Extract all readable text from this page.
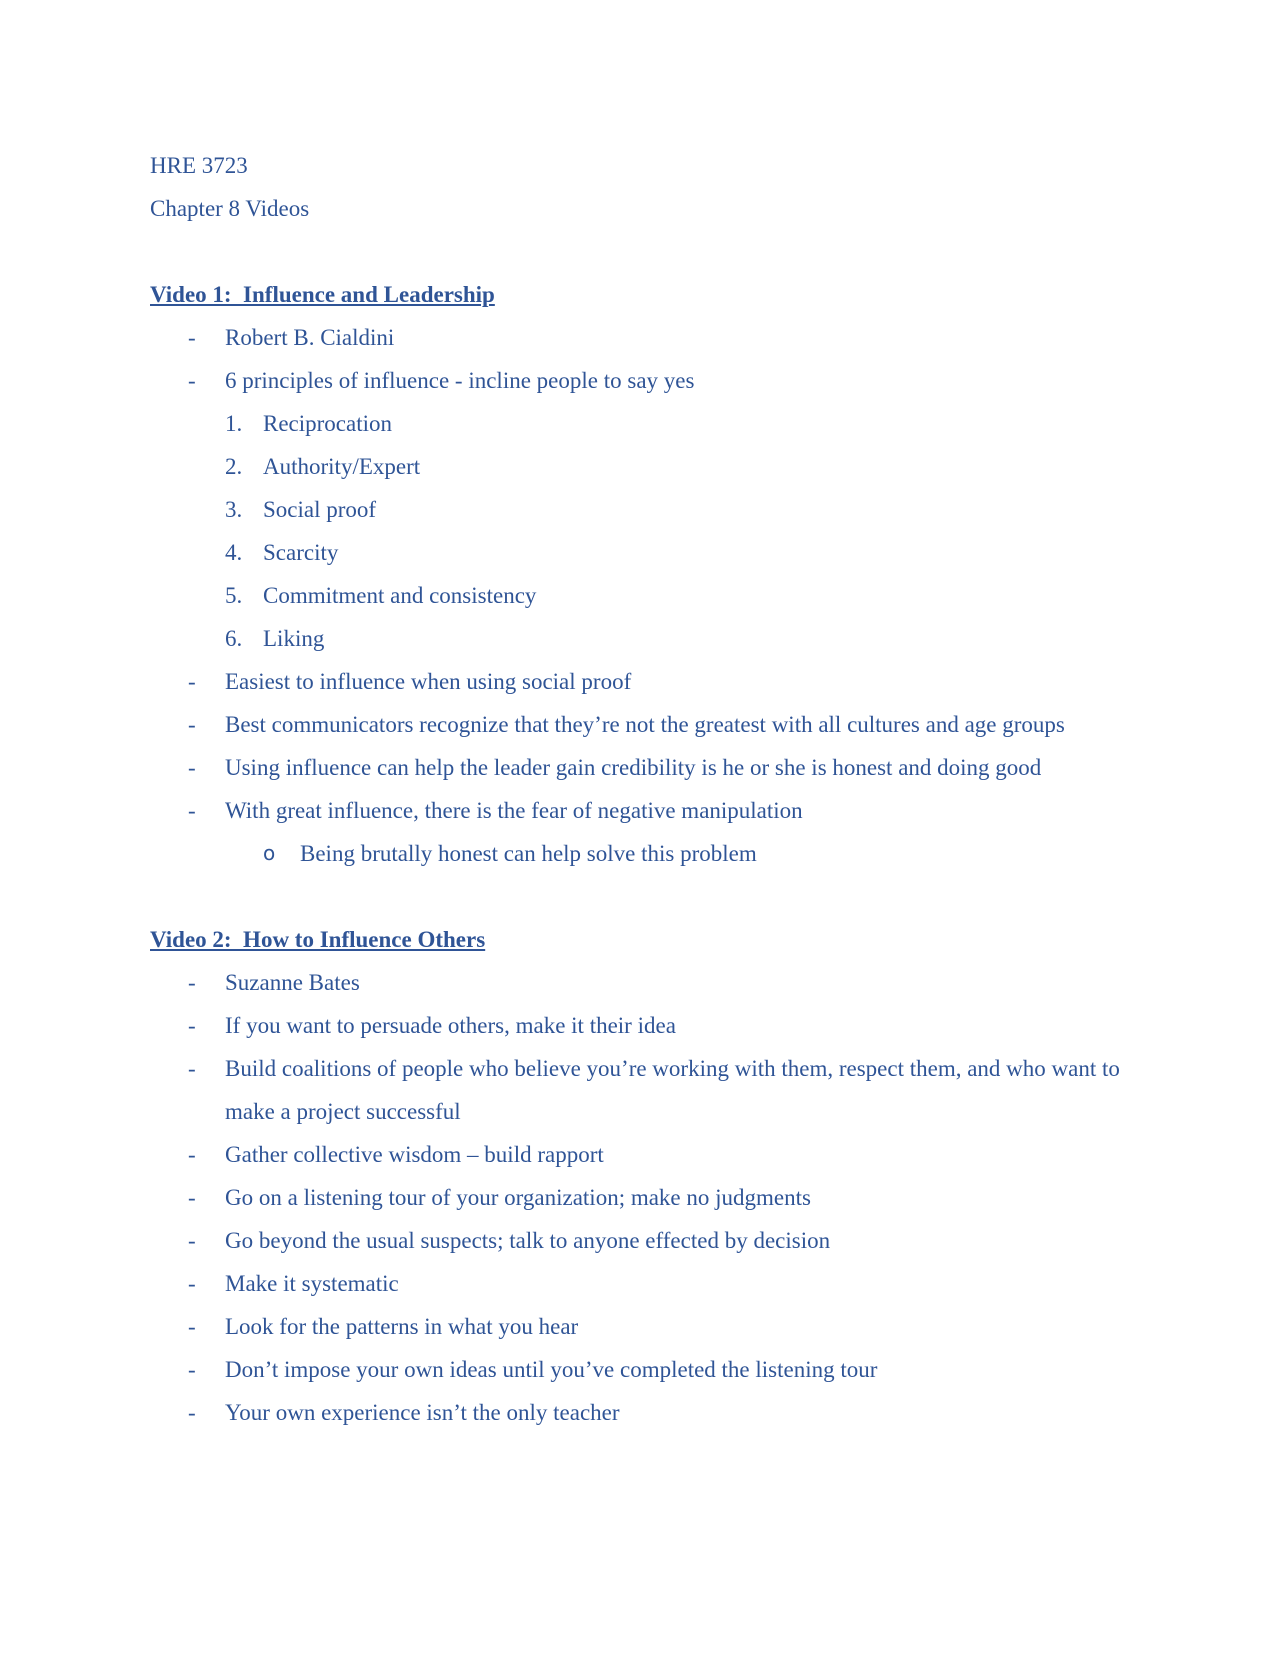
HRE 3723

Chapter 8 Videos

Video 1:  Influence and Leadership

- Robert B. Cialdini
- 6 principles of influence - incline people to say yes
1. Reciprocation
2. Authority/Expert
3. Social proof
4. Scarcity
5. Commitment and consistency
6. Liking
- Easiest to influence when using social proof
- Best communicators recognize that they’re not the greatest with all cultures and age groups
- Using influence can help the leader gain credibility is he or she is honest and doing good
- With great influence, there is the fear of negative manipulation
o Being brutally honest can help solve this problem

Video 2:  How to Influence Others

- Suzanne Bates
- If you want to persuade others, make it their idea
- Build coalitions of people who believe you’re working with them, respect them, and who want to make a project successful
- Gather collective wisdom – build rapport
- Go on a listening tour of your organization; make no judgments
- Go beyond the usual suspects; talk to anyone effected by decision
- Make it systematic
- Look for the patterns in what you hear
- Don’t impose your own ideas until you’ve completed the listening tour
- Your own experience isn’t the only teacher
